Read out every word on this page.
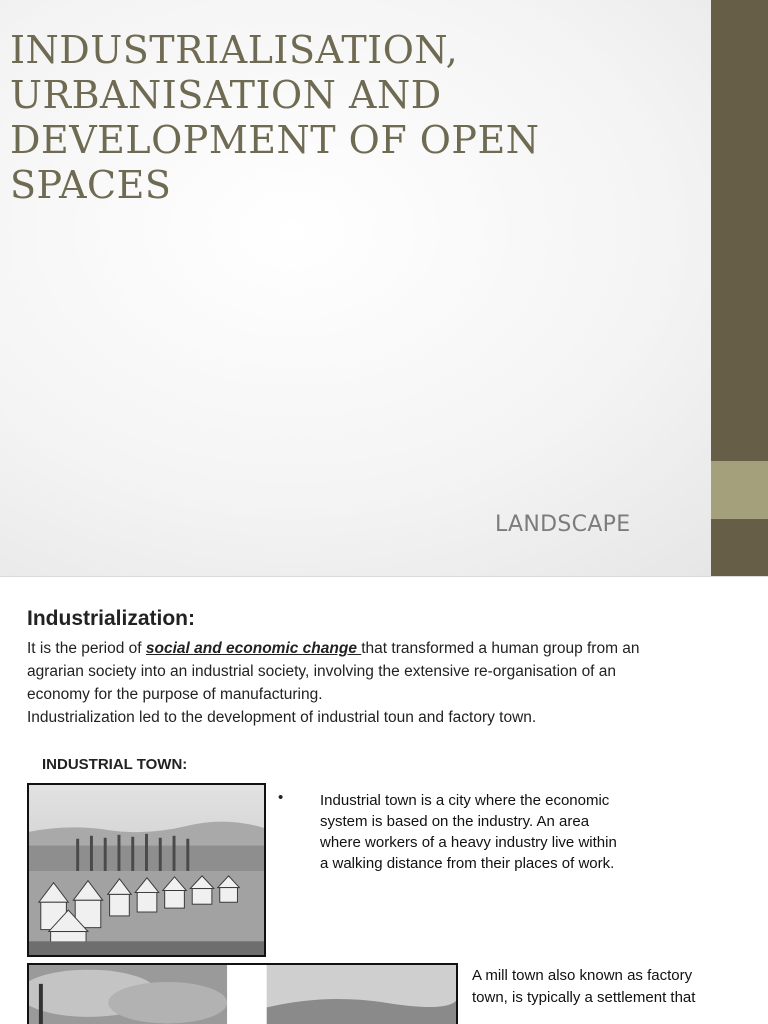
INDUSTRIALISATION,
URBANISATION AND
DEVELOPMENT OF OPEN SPACES
LANDSCAPE
Industrialization:
It is the period of social and economic change that transformed a human group from an agrarian society into an industrial society, involving the extensive re-organisation of an economy for the purpose of manufacturing.
Industrialization led to the development of industrial toun and factory town.
INDUSTRIAL TOWN:
• Industrial town is a city where the economic system is based on the industry. An area where workers of a heavy industry live within a walking distance from their places of work.
A mill town also known as factory town, is typically a settlement that
